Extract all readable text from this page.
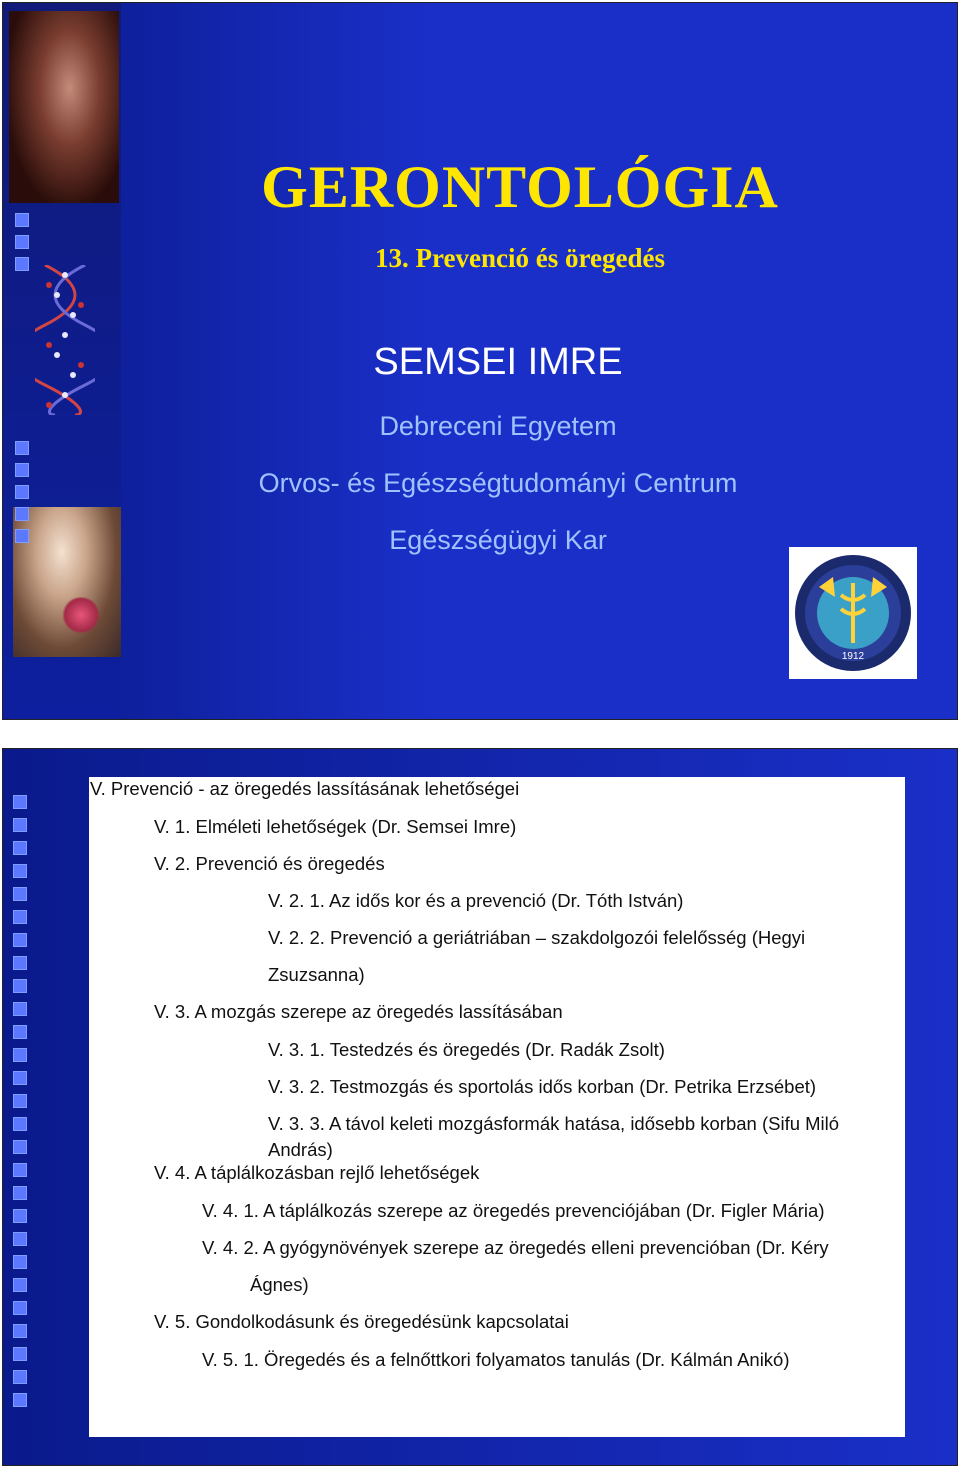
GERONTOLÓGIA
13. Prevenció és öregedés
SEMSEI IMRE
Debreceni Egyetem
Orvos- és Egészségtudományi Centrum
Egészségügyi Kar
1912
V. Prevenció - az öregedés lassításának lehetőségei
V. 1. Elméleti lehetőségek (Dr. Semsei Imre)
V. 2. Prevenció és öregedés
V. 2. 1. Az idős kor és a prevenció (Dr. Tóth István)
V. 2. 2. Prevenció a geriátriában – szakdolgozói felelősség (Hegyi
Zsuzsanna)
V. 3. A mozgás szerepe az öregedés lassításában
V. 3. 1. Testedzés és öregedés (Dr. Radák Zsolt)
V. 3. 2. Testmozgás és sportolás idős korban (Dr. Petrika Erzsébet)
V. 3. 3. A távol keleti mozgásformák hatása, idősebb korban (Sifu Miló
András)
V. 4. A táplálkozásban rejlő lehetőségek
V. 4. 1. A táplálkozás szerepe az öregedés prevenciójában (Dr. Figler Mária)
V. 4. 2. A gyógynövények szerepe az öregedés elleni prevencióban (Dr. Kéry
Ágnes)
V. 5. Gondolkodásunk és öregedésünk kapcsolatai
V. 5. 1. Öregedés és a felnőttkori folyamatos tanulás (Dr. Kálmán Anikó)
